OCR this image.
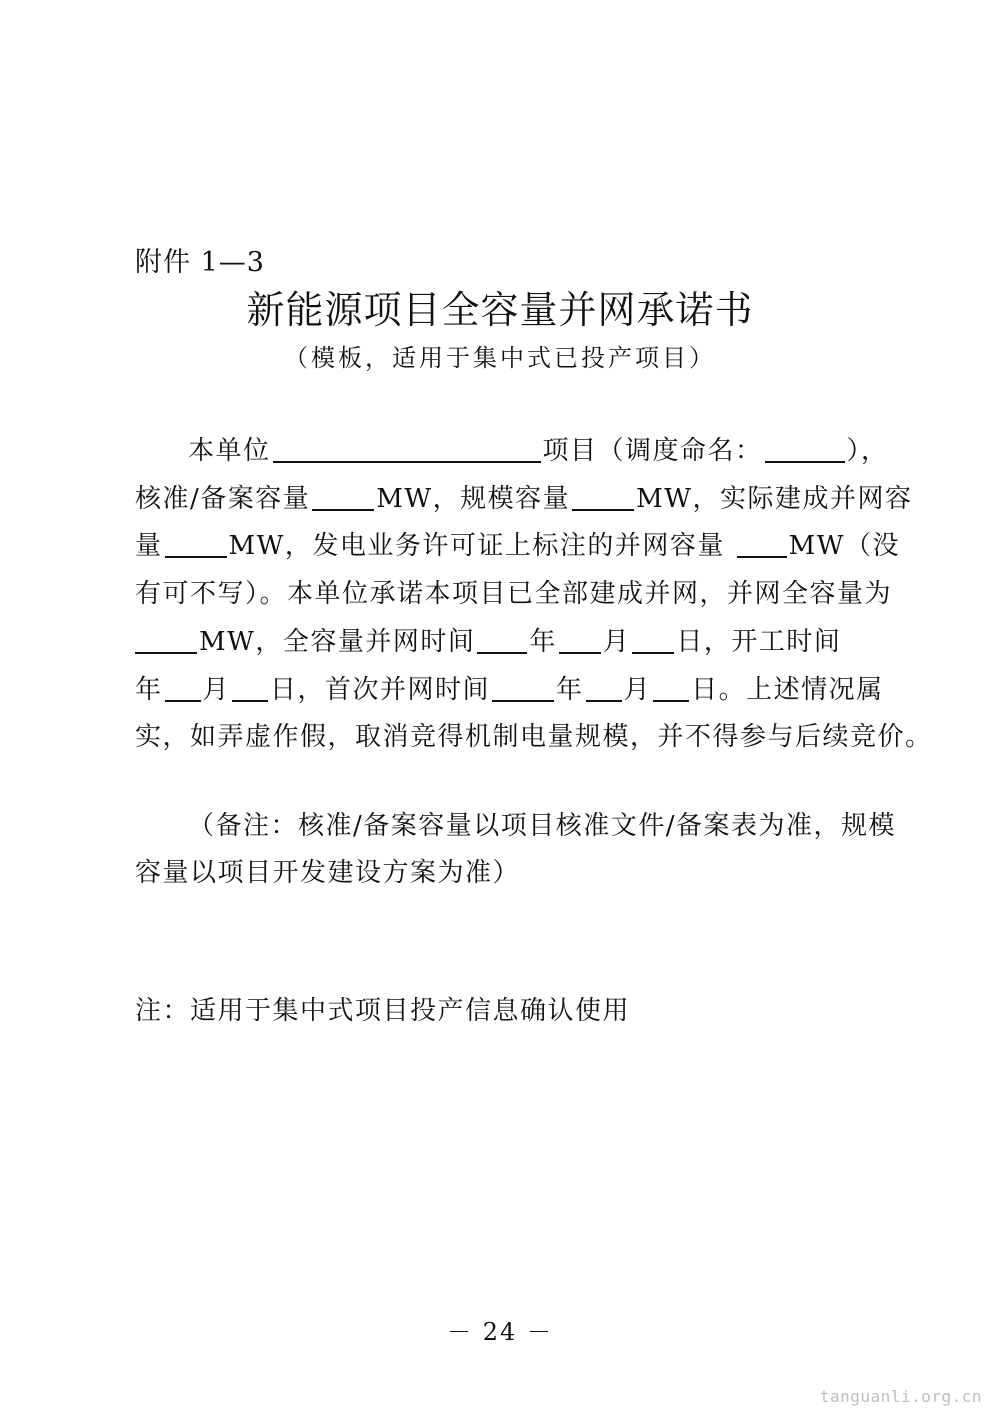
附件 1—3
新能源项目全容量并网承诺书
（模板，适用于集中式已投产项目）
本单位	项目（调度命名：	），
核准/备案容量	MW，规模容量	MW，实际建成并网容
量	MW，发电业务许可证上标注的并网容量 MW（没
有可不写）。本单位承诺本项目已全部建成并网，并网全容量为
MW，全容量并网时间 年 月 日，开工时间
年 月 日，首次并网时间	年 月 日。上述情况属
实，如弄虚作假，取消竞得机制电量规模，并不得参与后续竞价。
（备注：核准/备案容量以项目核准文件/备案表为准，规模
容量以项目开发建设方案为准）
注：适用于集中式项目投产信息确认使用
－ 24 －
tanguanli.org.cn
